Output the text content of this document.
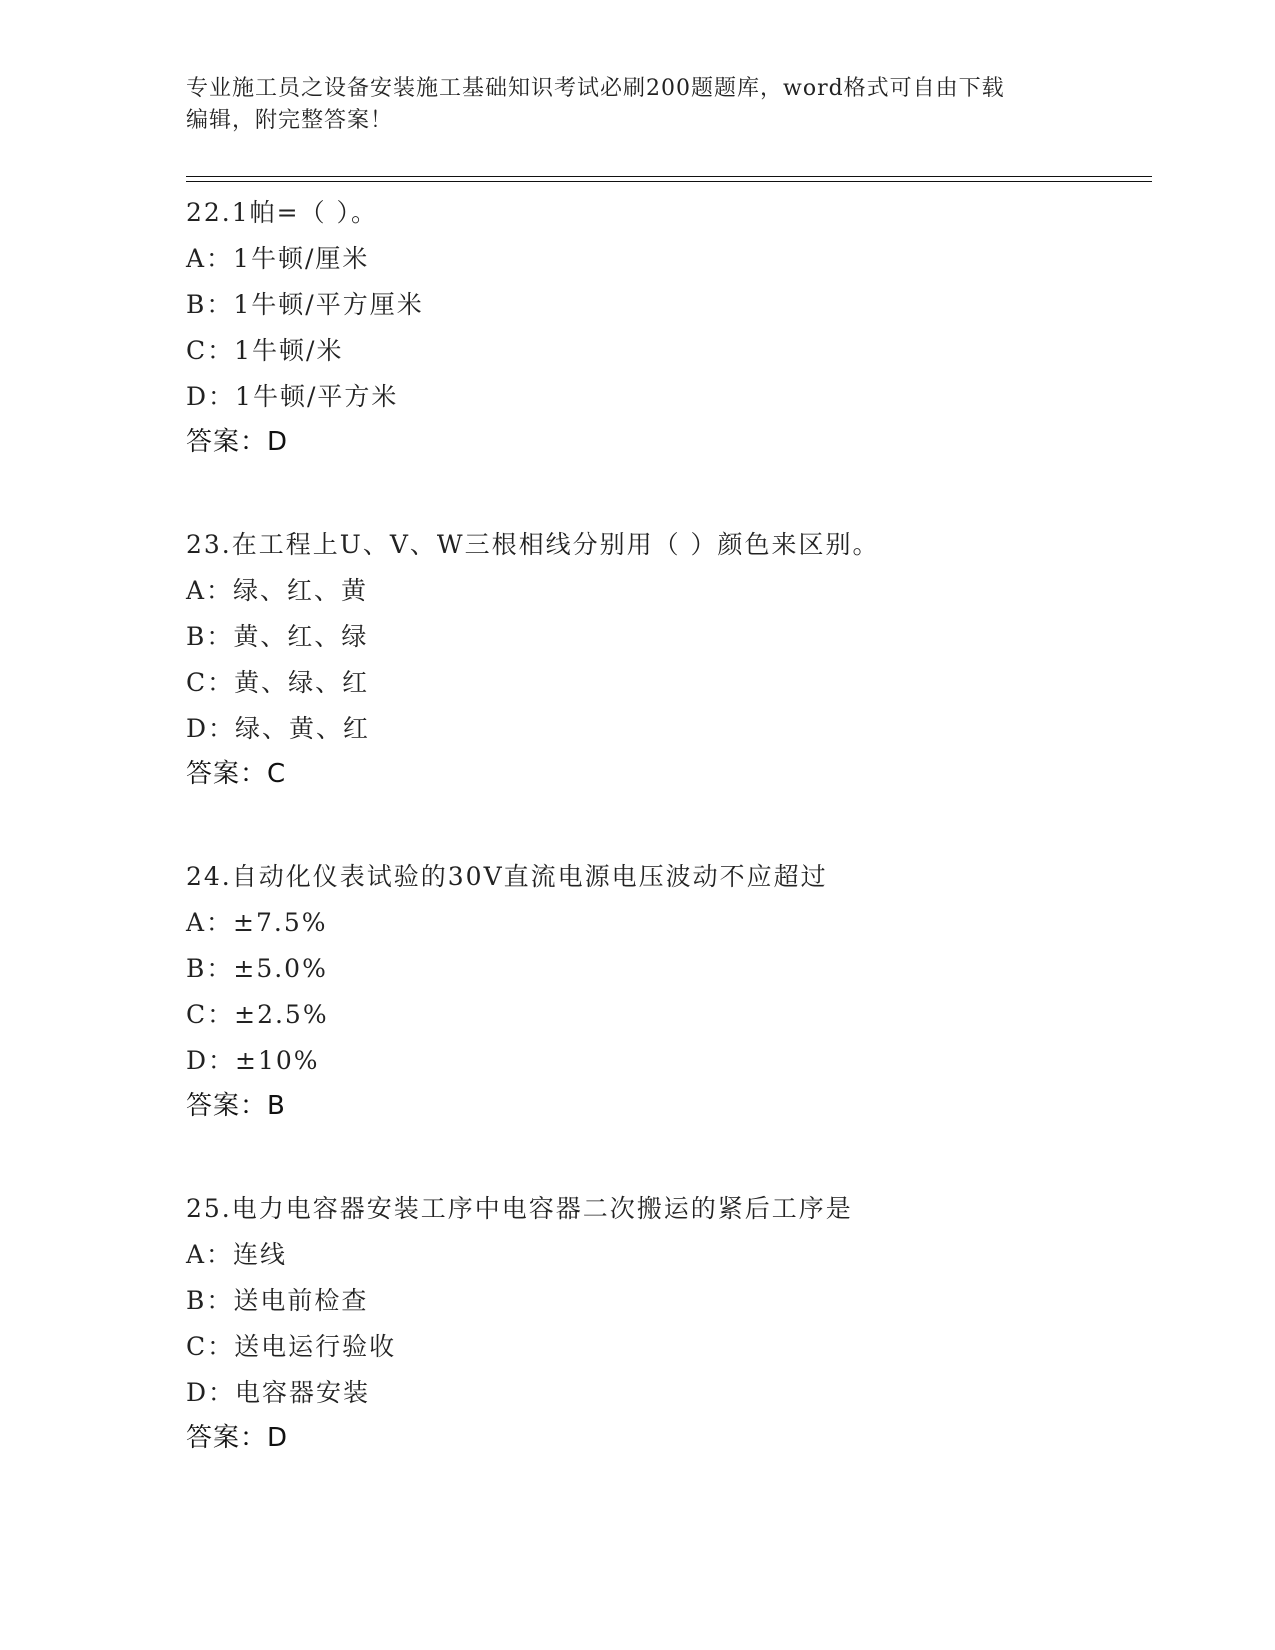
专业施工员之设备安装施工基础知识考试必刷200题题库，word格式可自由下载
编辑，附完整答案！
22.1帕=（ ）。
A：1牛顿/厘米
B：1牛顿/平方厘米
C：1牛顿/米
D：1牛顿/平方米
答案：D
23.在工程上U、V、W三根相线分别用（ ）颜色来区别。
A：绿、红、黄
B：黄、红、绿
C：黄、绿、红
D：绿、黄、红
答案：C
24.自动化仪表试验的30V直流电源电压波动不应超过
A：±7.5%
B：±5.0%
C：±2.5%
D：±10%
答案：B
25.电力电容器安装工序中电容器二次搬运的紧后工序是
A：连线
B：送电前检查
C：送电运行验收
D：电容器安装
答案：D
